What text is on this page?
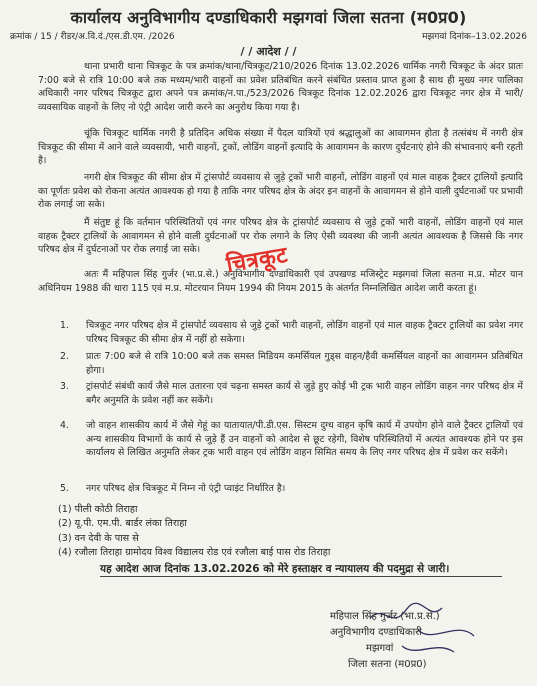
कार्यालय अनुविभागीय दण्डाधिकारी मझगवां जिला सतना (म0प्र0)
क्रमांक / 15 / रीडर/अ.वि.दं./एस.डी.एम. /2026	मझगवां दिनांक–13.02.2026
/ / आदेश / /
थाना प्रभारी थाना चित्रकूट के पत्र क्रमांक/थाना/चित्रकूट/210/2026 दिनांक 13.02.2026 धार्मिक नगरी चित्रकूट के अंदर प्रातः 7:00 बजे से रात्रि 10:00 बजे तक मध्यम/भारी वाहनों का प्रवेश प्रतिबंधित करने संबंधित प्रस्ताव प्राप्त हुआ है साथ ही मुख्य नगर पालिका अधिकारी नगर परिषद चित्रकूट द्वारा अपने पत्र क्रमांक/न.पा./523/2026 चित्रकूट दिनांक 12.02.2026 द्वारा चित्रकूट नगर क्षेत्र में भारी/व्यवसायिक वाहनों के लिए नो एंट्री आदेश जारी करने का अनुरोध किया गया है।
चूंकि चित्रकूट धार्मिक नगरी है प्रतिदिन अधिक संख्या में पैदल यात्रियों एवं श्रद्धालुओं का आवागमन होता है तत्संबंध में नगरी क्षेत्र चित्रकूट की सीमा में आने वाले व्यवसायी, भारी वाहनों, ट्रकों, लोडिंग वाहनों इत्यादि के आवागमन के कारण दुर्घटनाएं होने की संभावनाएं बनी रहती है।
नगरी क्षेत्र चित्रकूट की सीमा क्षेत्र में ट्रांसपोर्ट व्यवसाय से जुड़े ट्रकों भारी वाहनों, लोडिंग वाहनों एवं माल वाहक ट्रैक्टर ट्रालियों इत्यादि का पूर्णतः प्रवेश को रोकना अत्यंत आवश्यक हो गया है ताकि नगर परिषद क्षेत्र के अंदर इन वाहनों के आवागमन से होने वाली दुर्घटनाओं पर प्रभावी रोक लगाई जा सके।
मैं संतुष्ट हूं कि वर्तमान परिस्थितियों एवं नगर परिषद क्षेत्र के ट्रांसपोर्ट व्यवसाय से जुड़े ट्रकों भारी वाहनों, लोडिंग वाहनों एवं माल वाहक ट्रैक्टर ट्रालियों के आवागमन से होने वाली दुर्घटनाओं पर रोक लगाने के लिए ऐसी व्यवस्था की जानी अत्यंत आवश्यक है जिससे कि नगर परिषद क्षेत्र में दुर्घटनाओं पर रोक लगाई जा सके।
अतः मैं महिपाल सिंह गुर्जर (भा.प्र.से.) अनुविभागीय दण्डाधिकारी एवं उपखण्ड मजिस्ट्रेट मझगवां जिला सतना म.प्र. मोटर यान अधिनियम 1988 की धारा 115 एवं म.प्र. मोटरयान नियम 1994 की नियम 2015 के अंतर्गत निम्नलिखित आदेश जारी करता हूं।
चित्रकूट
1. चित्रकूट नगर परिषद क्षेत्र में ट्रांसपोर्ट व्यवसाय से जुड़े ट्रकों भारी वाहनों, लोडिंग वाहनों एवं माल वाहक ट्रैक्टर ट्रालियों का प्रवेश नगर परिषद चित्रकूट की सीमा क्षेत्र में नहीं हो सकेगा।
2. प्रातः 7:00 बजे से रात्रि 10:00 बजे तक समस्त मिडियम कमर्सियल गुड्स वाहन/हैवी कमर्सियल वाहनों का आवागमन प्रतिबंधित होगा।
3. ट्रांसपोर्ट संबंधी कार्य जैसे माल उतारना एवं चढ़ना समस्त कार्य से जुड़े हुए कोई भी ट्रक भारी वाहन लोडिंग वाहन नगर परिषद क्षेत्र में बगैर अनुमति के प्रवेश नहीं कर सकेंगे।
4. जो वाहन शासकीय कार्य में जैसे गेहूं का यातायात/पी.डी.एस. सिस्टम दुग्ध वाहन कृषि कार्य में उपयोग होने वाले ट्रैक्टर ट्रालियों एवं अन्य शासकीय विभागों के कार्य से जुड़े हैं उन वाहनों को आदेश से छूट रहेगी, विशेष परिस्थितियों में अत्यंत आवश्यक होने पर इस कार्यालय से लिखित अनुमति लेकर ट्रक भारी वाहन एवं लोडिंग वाहन सिमित समय के लिए नगर परिषद क्षेत्र में प्रवेश कर सकेंगे।
5. नगर परिषद क्षेत्र चित्रकूट में निम्न नो एंट्री प्वाइंट निर्धारित है।
(1) पीली कोठी तिराहा
(2) यू.पी. एम.पी. बार्डर लंका तिराहा
(3) वन देवी के पास से
(4) रजौला तिराहा ग्रामोदय विश्व विद्यालय रोड एवं रजौला बाई पास रोड तिराहा
यह आदेश आज दिनांक 13.02.2026 को मेरे हस्ताक्षर व न्यायालय की पदमुद्रा से जारी।
महिपाल सिंह गुर्जर (भा.प्र.से.)
अनुविभागीय दण्डाधिकारी
मझगवां
जिला सतना (म0प्र0)
